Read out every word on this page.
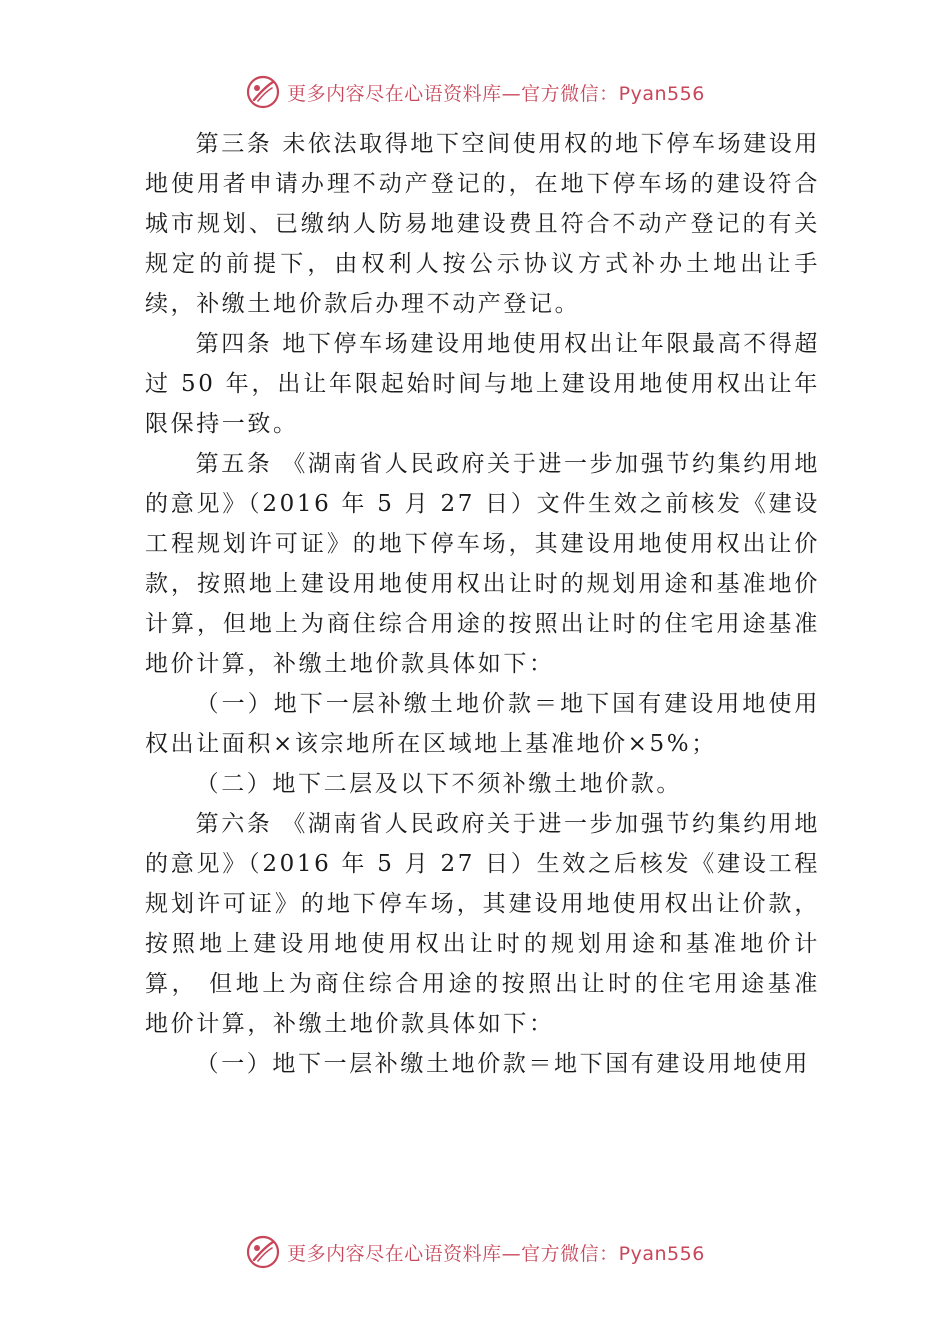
更多内容尽在心语资料库—官方微信：Pyan556

第三条 未依法取得地下空间使用权的地下停车场建设用地使用者申请办理不动产登记的，在地下停车场的建设符合城市规划、已缴纳人防易地建设费且符合不动产登记的有关规定的前提下，由权利人按公示协议方式补办土地出让手续，补缴土地价款后办理不动产登记。

第四条 地下停车场建设用地使用权出让年限最高不得超过 50 年，出让年限起始时间与地上建设用地使用权出让年限保持一致。

第五条 《湖南省人民政府关于进一步加强节约集约用地的意见》（2016 年 5 月 27 日）文件生效之前核发《建设工程规划许可证》的地下停车场，其建设用地使用权出让价款，按照地上建设用地使用权出让时的规划用途和基准地价计算，但地上为商住综合用途的按照出让时的住宅用途基准地价计算，补缴土地价款具体如下：

（一）地下一层补缴土地价款＝地下国有建设用地使用权出让面积×该宗地所在区域地上基准地价×5%；

（二）地下二层及以下不须补缴土地价款。

第六条 《湖南省人民政府关于进一步加强节约集约用地的意见》（2016 年 5 月 27 日）生效之后核发《建设工程规划许可证》的地下停车场，其建设用地使用权出让价款，按照地上建设用地使用权出让时的规划用途和基准地价计算， 但地上为商住综合用途的按照出让时的住宅用途基准地价计算，补缴土地价款具体如下：

（一）地下一层补缴土地价款＝地下国有建设用地使用

更多内容尽在心语资料库—官方微信：Pyan556
